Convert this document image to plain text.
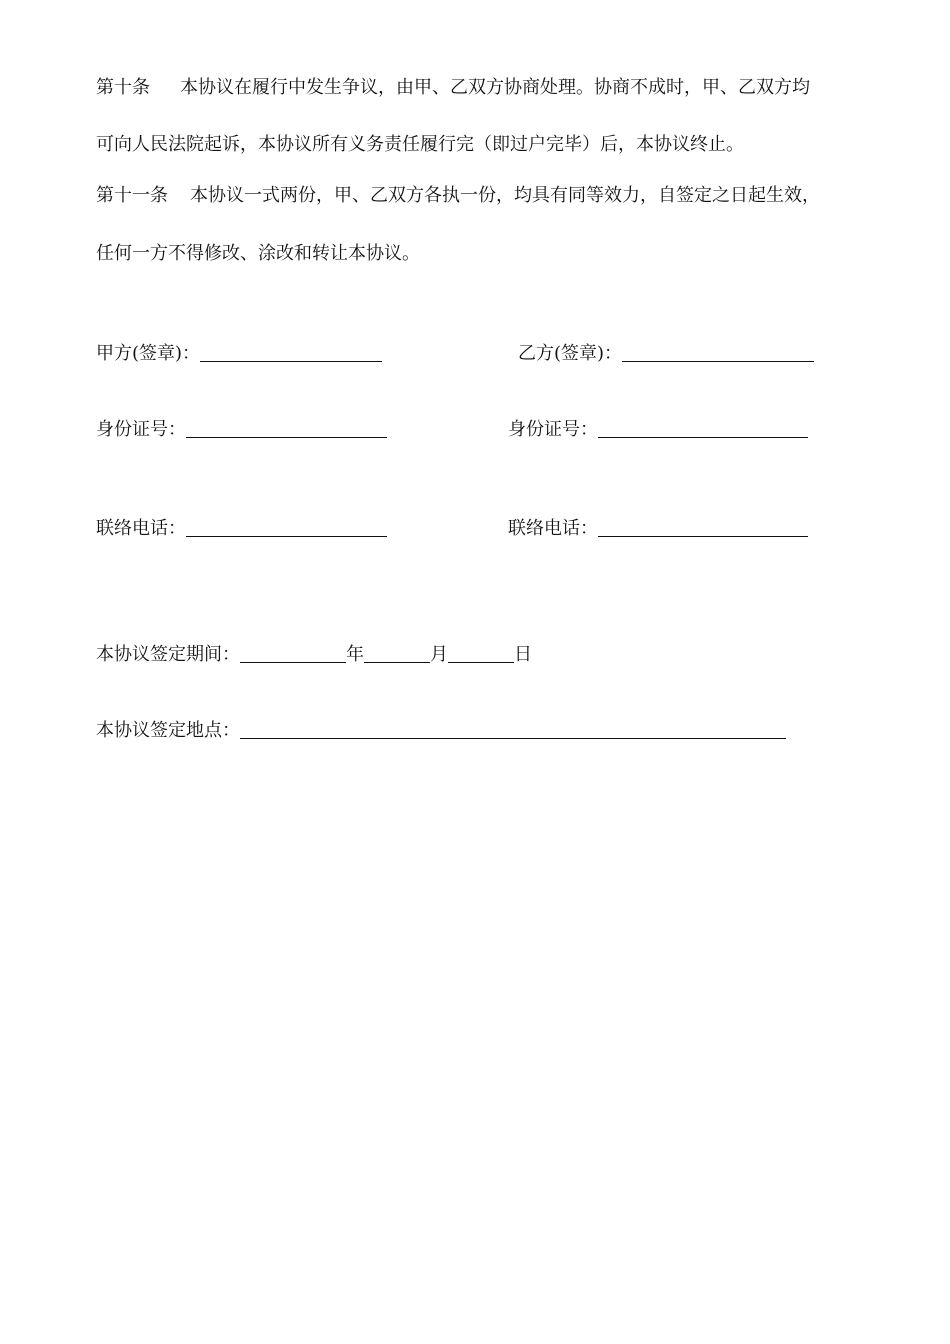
第十条 本协议在履行中发生争议，由甲、乙双方协商处理。协商不成时，甲、乙双方均
可向人民法院起诉，本协议所有义务责任履行完（即过户完毕）后，本协议终止。
第十一条 本协议一式两份，甲、乙双方各执一份，均具有同等效力，自签定之日起生效，
任何一方不得修改、涂改和转让本协议。
甲方(签章)：	乙方(签章)：
身份证号：	身份证号：
联络电话：	联络电话：
本协议签定期间：	年	月	日
本协议签定地点：
